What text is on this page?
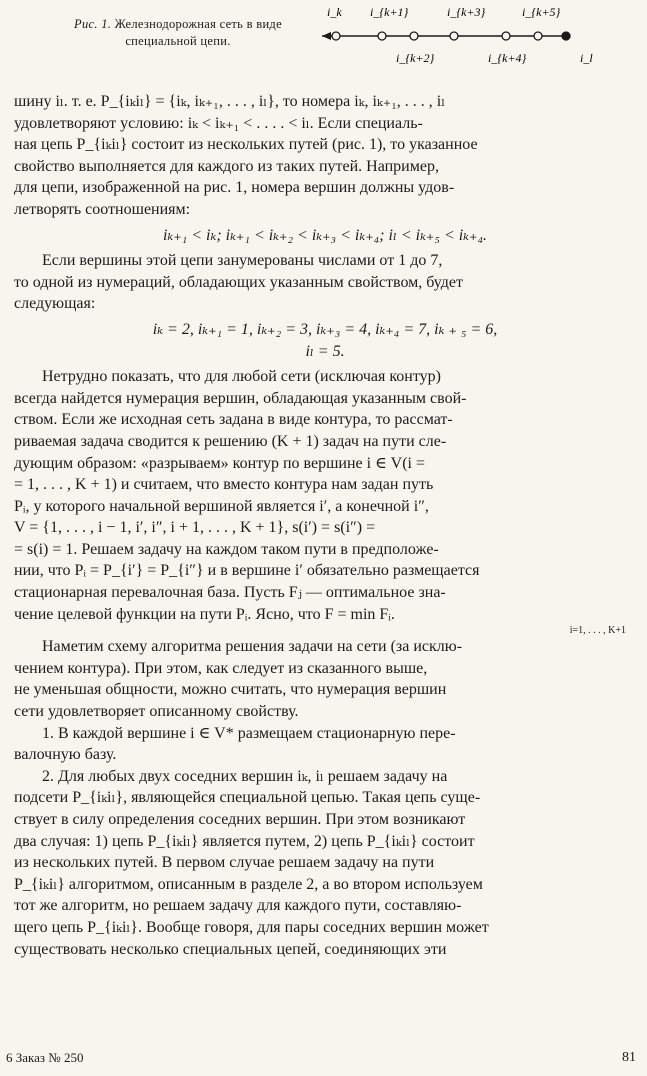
Рис. 1. Железнодорожная сеть в виде специальной цепи.
i_k i_{k+1}	i_{k+3}	i_{k+5}
i_{k+2}	i_{k+4}	i_l

шину iₗ. т. е. P_{iₖiₗ} = {iₖ, iₖ₊₁, . . . , iₗ}, то номера iₖ, iₖ₊₁, . . . , iₗ

удовлетворяют условию: iₖ < iₖ₊₁ < . . . . < iₗ. Если специаль-

ная цепь P_{iₖiₗ} состоит из нескольких путей (рис. 1), то указанное

свойство выполняется для каждого из таких путей. Например,

для цепи, изображенной на рис. 1, номера вершин должны удов-

летворять соотношениям:

iₖ₊₁ < iₖ; iₖ₊₁ < iₖ₊₂ < iₖ₊₃ < iₖ₊₄; iₗ < iₖ₊₅ < iₖ₊₄.

Если вершины этой цепи занумерованы числами от 1 до 7,

то одной из нумераций, обладающих указанным свойством, будет

следующая:

iₖ = 2, iₖ₊₁ = 1, iₖ₊₂ = 3, iₖ₊₃ = 4, iₖ₊₄ = 7, iₖ ₊ ₅ = 6,

iₗ = 5.

Нетрудно показать, что для любой сети (исключая контур)

всегда найдется нумерация вершин, обладающая указанным свой-

ством. Если же исходная сеть задана в виде контура, то рассмат-

риваемая задача сводится к решению (K + 1) задач на пути сле-

дующим образом: «разрываем» контур по вершине i ∈ V(i =

= 1, . . . , K + 1) и считаем, что вместо контура нам задан путь

Pᵢ, у которого начальной вершиной является i′, а конечной i″,

V = {1, . . . , i − 1, i′, i″, i + 1, . . . , K + 1}, s(i′) = s(i″) =

= s(i) = 1. Решаем задачу на каждом таком пути в предположе-

нии, что Pᵢ = P_{i′} = P_{i″} и в вершине i′ обязательно размещается

стационарная перевалочная база. Пусть Fⱼ — оптимальное зна-

чение целевой функции на пути Pᵢ. Ясно, что F = min Fᵢ.

i=1, . . . , K+1

Наметим схему алгоритма решения задачи на сети (за исклю-

чением контура). При этом, как следует из сказанного выше,

не уменьшая общности, можно считать, что нумерация вершин

сети удовлетворяет описанному свойству.

1. В каждой вершине i ∈ V* размещаем стационарную пере-

валочную базу.

2. Для любых двух соседних вершин iₖ, iₗ решаем задачу на

подсети P_{iₖiₗ}, являющейся специальной цепью. Такая цепь суще-

ствует в силу определения соседних вершин. При этом возникают

два случая: 1) цепь P_{iₖiₗ} является путем, 2) цепь P_{iₖiₗ} состоит

из нескольких путей. В первом случае решаем задачу на пути

P_{iₖiₗ} алгоритмом, описанным в разделе 2, а во втором используем

тот же алгоритм, но решаем задачу для каждого пути, составляю-

щего цепь P_{iₖiₗ}. Вообще говоря, для пары соседних вершин может

существовать несколько специальных цепей, соединяющих эти

6 Заказ № 250	81
